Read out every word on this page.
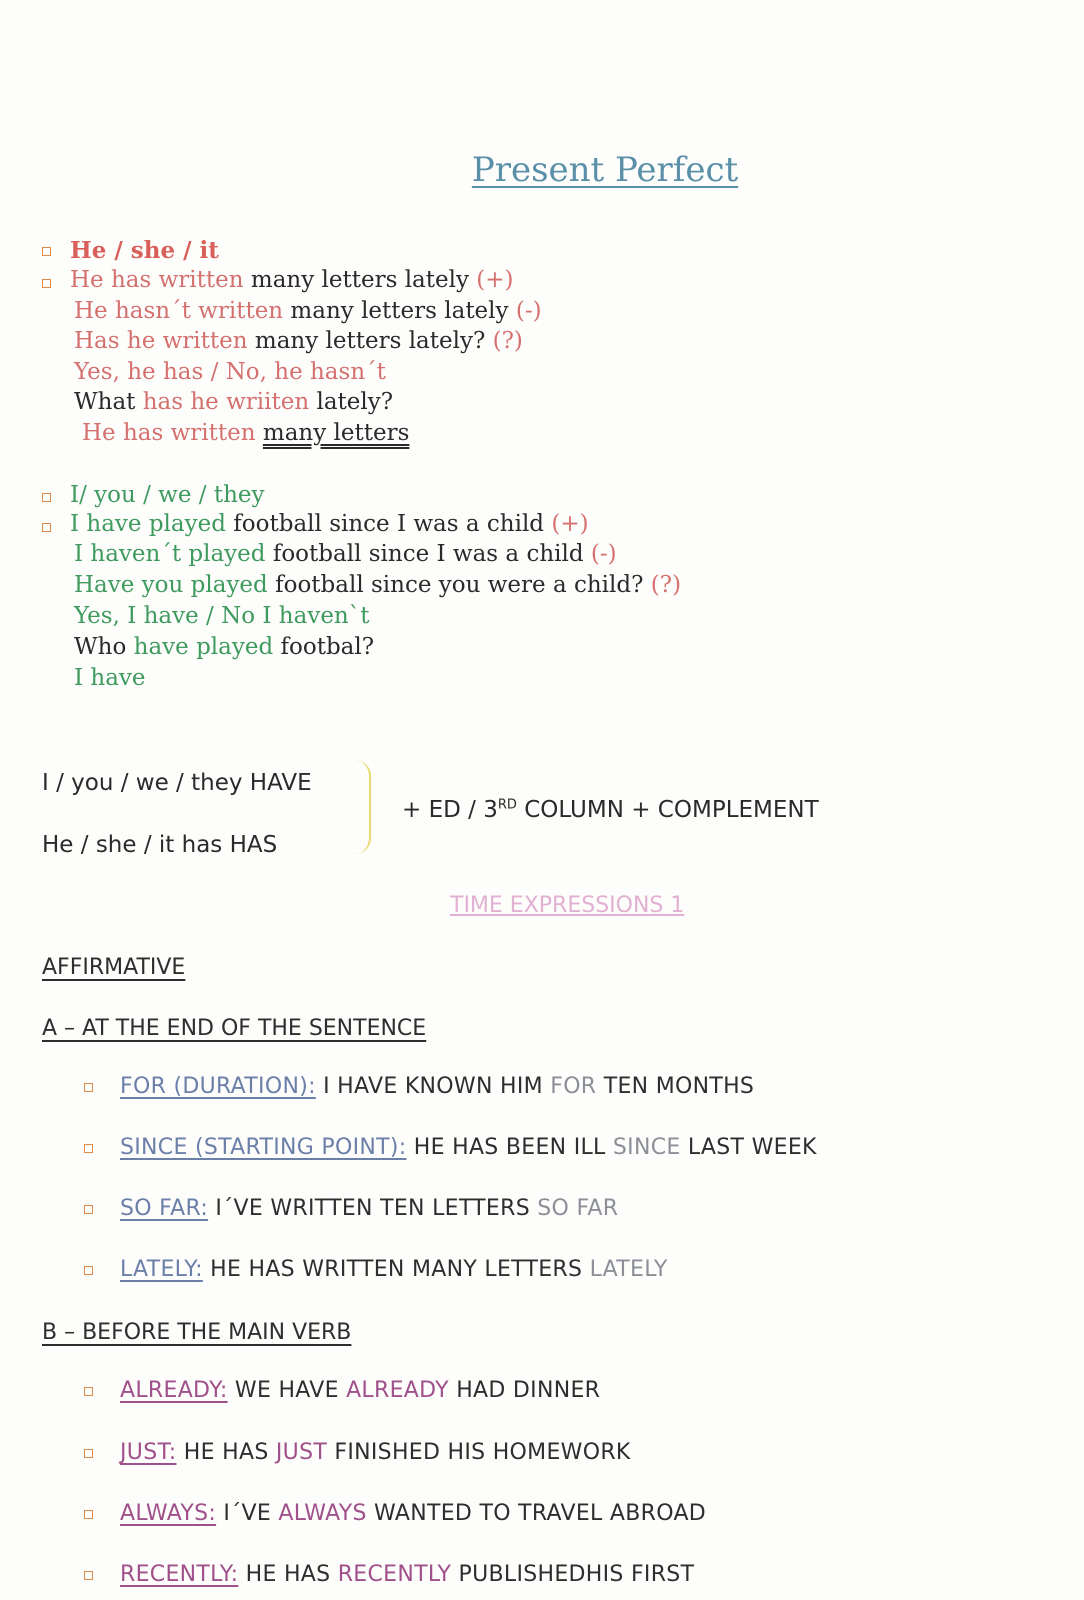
Present Perfect
He / she / it
He has written many letters lately (+)
He hasn´t written many letters lately (-)
Has he written many letters lately? (?)
Yes, he has / No, he hasn´t
What has he wriiten lately?
He has written many letters
I/ you / we / they
I have played football since I was a child (+)
I haven´t played football since I was a child (-)
Have you played football since you were a child? (?)
Yes, I have / No I haven`t
Who have played footbal?
I have
I / you / we / they HAVE
He / she / it has HAS
+ ED / 3RD COLUMN + COMPLEMENT
TIME EXPRESSIONS 1
AFFIRMATIVE
A – AT THE END OF THE SENTENCE
FOR (DURATION): I HAVE KNOWN HIM FOR TEN MONTHS
SINCE (STARTING POINT): HE HAS BEEN ILL SINCE LAST WEEK
SO FAR: I´VE WRITTEN TEN LETTERS SO FAR
LATELY: HE HAS WRITTEN MANY LETTERS LATELY
B – BEFORE THE MAIN VERB
ALREADY: WE HAVE ALREADY HAD DINNER
JUST: HE HAS JUST FINISHED HIS HOMEWORK
ALWAYS: I´VE ALWAYS WANTED TO TRAVEL ABROAD
RECENTLY: HE HAS RECENTLY PUBLISHEDHIS FIRST
